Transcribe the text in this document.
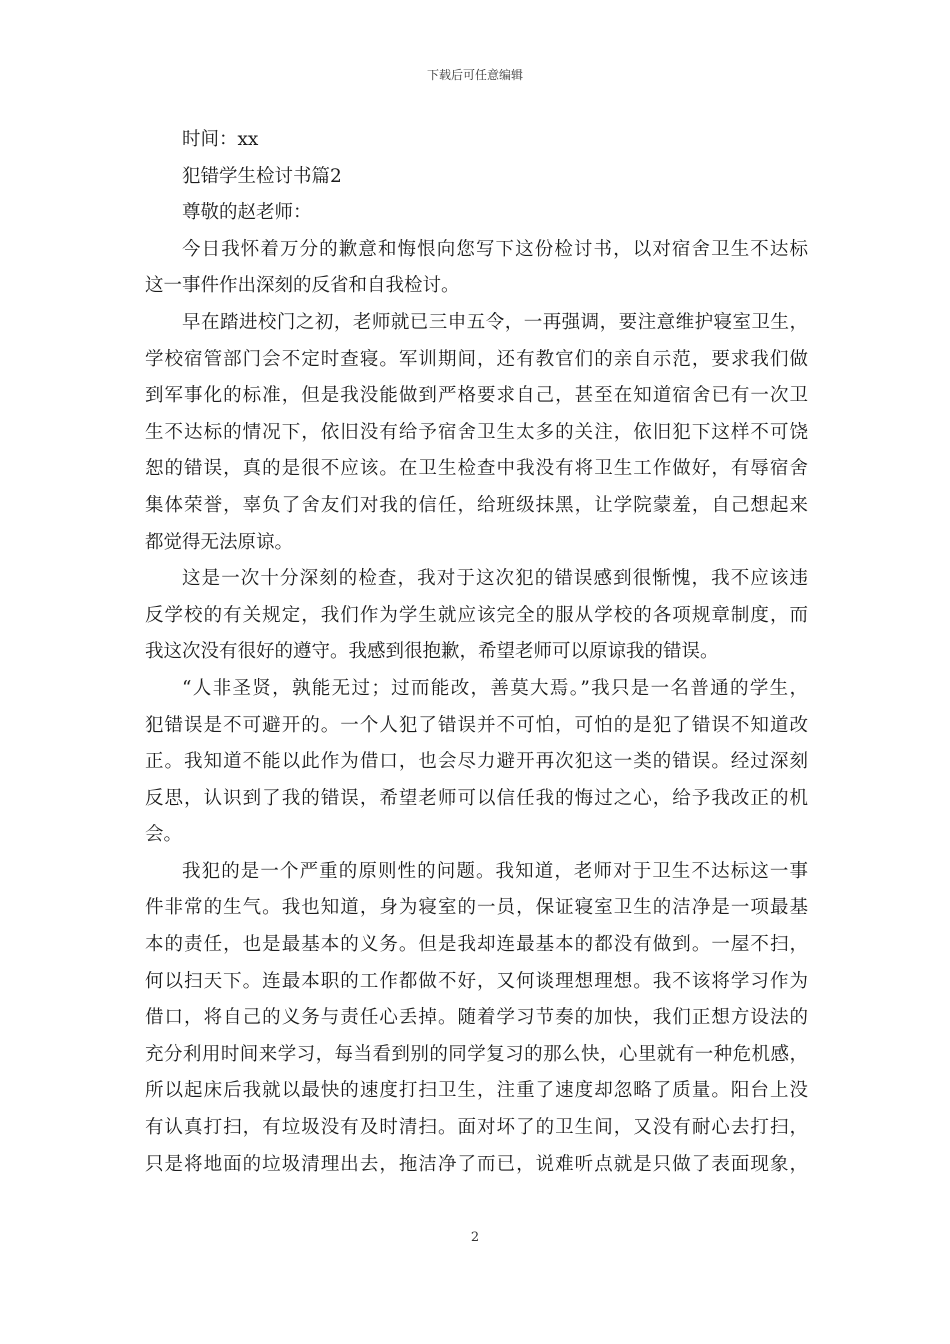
下载后可任意编辑
时间：xx
犯错学生检讨书篇2
尊敬的赵老师：
今日我怀着万分的歉意和悔恨向您写下这份检讨书，以对宿舍卫生不达标
这一事件作出深刻的反省和自我检讨。
早在踏进校门之初，老师就已三申五令，一再强调，要注意维护寝室卫生，
学校宿管部门会不定时查寝。军训期间，还有教官们的亲自示范，要求我们做
到军事化的标准，但是我没能做到严格要求自己，甚至在知道宿舍已有一次卫
生不达标的情况下，依旧没有给予宿舍卫生太多的关注，依旧犯下这样不可饶
恕的错误，真的是很不应该。在卫生检查中我没有将卫生工作做好，有辱宿舍
集体荣誉，辜负了舍友们对我的信任，给班级抹黑，让学院蒙羞，自己想起来
都觉得无法原谅。
这是一次十分深刻的检查，我对于这次犯的错误感到很惭愧，我不应该违
反学校的有关规定，我们作为学生就应该完全的服从学校的各项规章制度，而
我这次没有很好的遵守。我感到很抱歉，希望老师可以原谅我的错误。
“人非圣贤，孰能无过；过而能改，善莫大焉。”我只是一名普通的学生，
犯错误是不可避开的。一个人犯了错误并不可怕，可怕的是犯了错误不知道改
正。我知道不能以此作为借口，也会尽力避开再次犯这一类的错误。经过深刻
反思，认识到了我的错误，希望老师可以信任我的悔过之心，给予我改正的机
会。
我犯的是一个严重的原则性的问题。我知道，老师对于卫生不达标这一事
件非常的生气。我也知道，身为寝室的一员，保证寝室卫生的洁净是一项最基
本的责任，也是最基本的义务。但是我却连最基本的都没有做到。一屋不扫，
何以扫天下。连最本职的工作都做不好，又何谈理想理想。我不该将学习作为
借口，将自己的义务与责任心丢掉。随着学习节奏的加快，我们正想方设法的
充分利用时间来学习，每当看到别的同学复习的那么快，心里就有一种危机感，
所以起床后我就以最快的速度打扫卫生，注重了速度却忽略了质量。阳台上没
有认真打扫，有垃圾没有及时清扫。面对坏了的卫生间，又没有耐心去打扫，
只是将地面的垃圾清理出去，拖洁净了而已，说难听点就是只做了表面现象，
2
